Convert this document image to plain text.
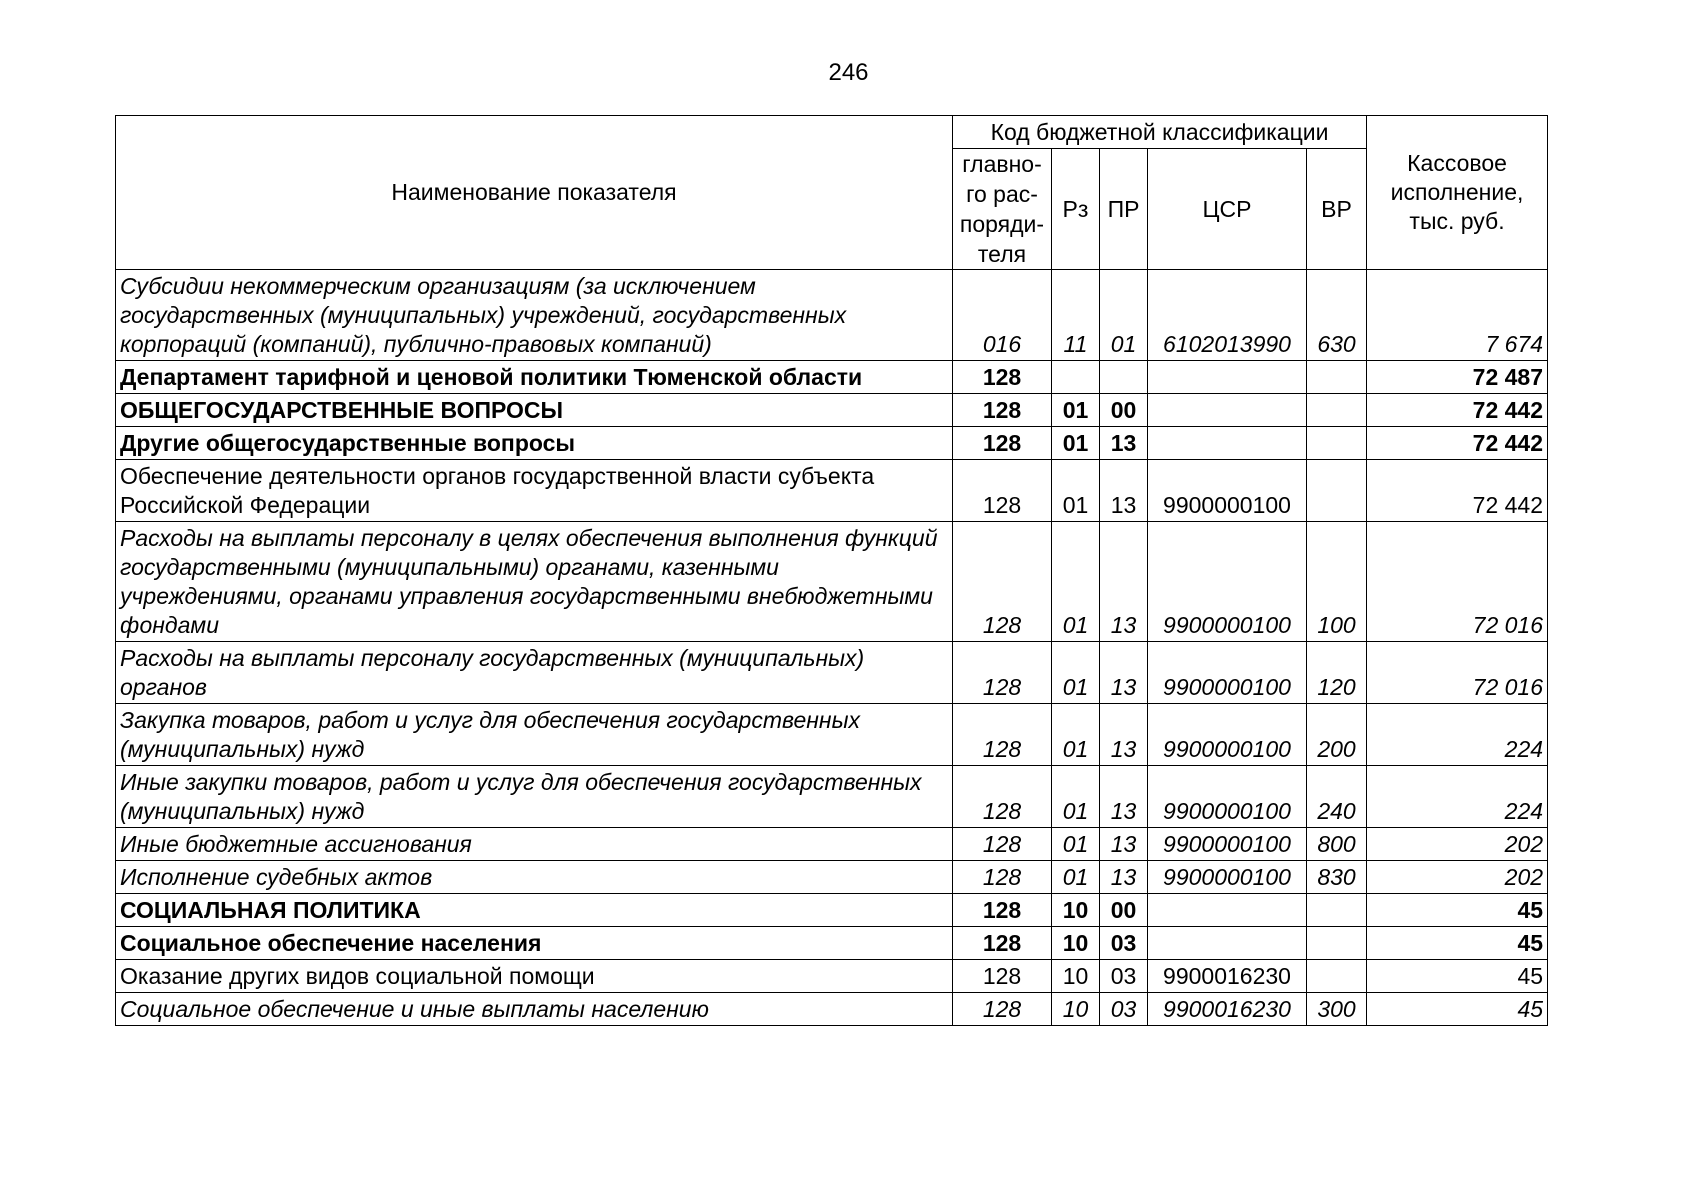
246
Наименование показателя	Код бюджетной классификации					Кассовое исполнение, тыс. руб.
	главно-го рас-поряди-теля	Рз	ПР	ЦСР	ВР	
Субсидии некоммерческим организациям (за исключением государственных (муниципальных) учреждений, государственных корпораций (компаний), публично-правовых компаний)	016	11	01	6102013990	630	7 674
Департамент тарифной и ценовой политики Тюменской области	128					72 487
ОБЩЕГОСУДАРСТВЕННЫЕ ВОПРОСЫ	128	01	00			72 442
Другие общегосударственные вопросы	128	01	13			72 442
Обеспечение деятельности органов государственной власти субъекта Российской Федерации	128	01	13	9900000100		72 442
Расходы на выплаты персоналу в целях обеспечения выполнения функций государственными (муниципальными) органами, казенными учреждениями, органами управления государственными внебюджетными фондами	128	01	13	9900000100	100	72 016
Расходы на выплаты персоналу государственных (муниципальных) органов	128	01	13	9900000100	120	72 016
Закупка товаров, работ и услуг для обеспечения государственных (муниципальных) нужд	128	01	13	9900000100	200	224
Иные закупки товаров, работ и услуг для обеспечения государственных (муниципальных) нужд	128	01	13	9900000100	240	224
Иные бюджетные ассигнования	128	01	13	9900000100	800	202
Исполнение судебных актов	128	01	13	9900000100	830	202
СОЦИАЛЬНАЯ ПОЛИТИКА	128	10	00			45
Социальное обеспечение населения	128	10	03			45
Оказание других видов социальной помощи	128	10	03	9900016230		45
Социальное обеспечение и иные выплаты населению	128	10	03	9900016230	300	45
